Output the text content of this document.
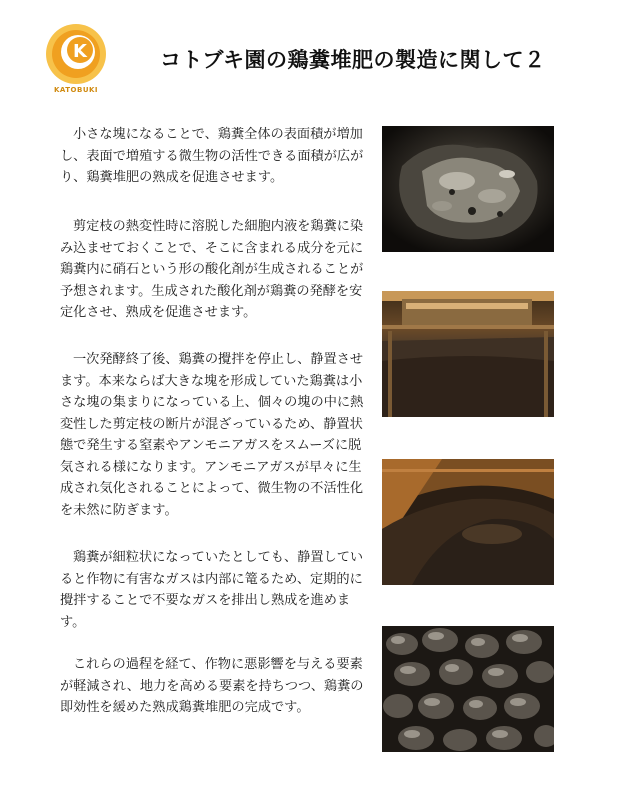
K
KATOBUKI
コトブキ園の鶏糞堆肥の製造に関して２

小さな塊になることで、鶏糞全体の表面積が増加し、表面で増殖する微生物の活性できる面積が広がり、鶏糞堆肥の熟成を促進させます。

剪定枝の熱変性時に溶脱した細胞内液を鶏糞に染み込ませておくことで、そこに含まれる成分を元に鶏糞内に硝石という形の酸化剤が生成されることが予想されます。生成された酸化剤が鶏糞の発酵を安定化させ、熟成を促進させます。

一次発酵終了後、鶏糞の攪拌を停止し、静置させます。本来ならば大きな塊を形成していた鶏糞は小さな塊の集まりになっている上、個々の塊の中に熱変性した剪定枝の断片が混ざっているため、静置状態で発生する窒素やアンモニアガスをスムーズに脱気される様になります。アンモニアガスが早々に生成され気化されることによって、微生物の不活性化を未然に防ぎます。

鶏糞が細粒状になっていたとしても、静置していると作物に有害なガスは内部に篭るため、定期的に攪拌することで不要なガスを排出し熟成を進めます。

これらの過程を経て、作物に悪影響を与える要素が軽減され、地力を高める要素を持ちつつ、鶏糞の即効性を緩めた熟成鶏糞堆肥の完成です。
